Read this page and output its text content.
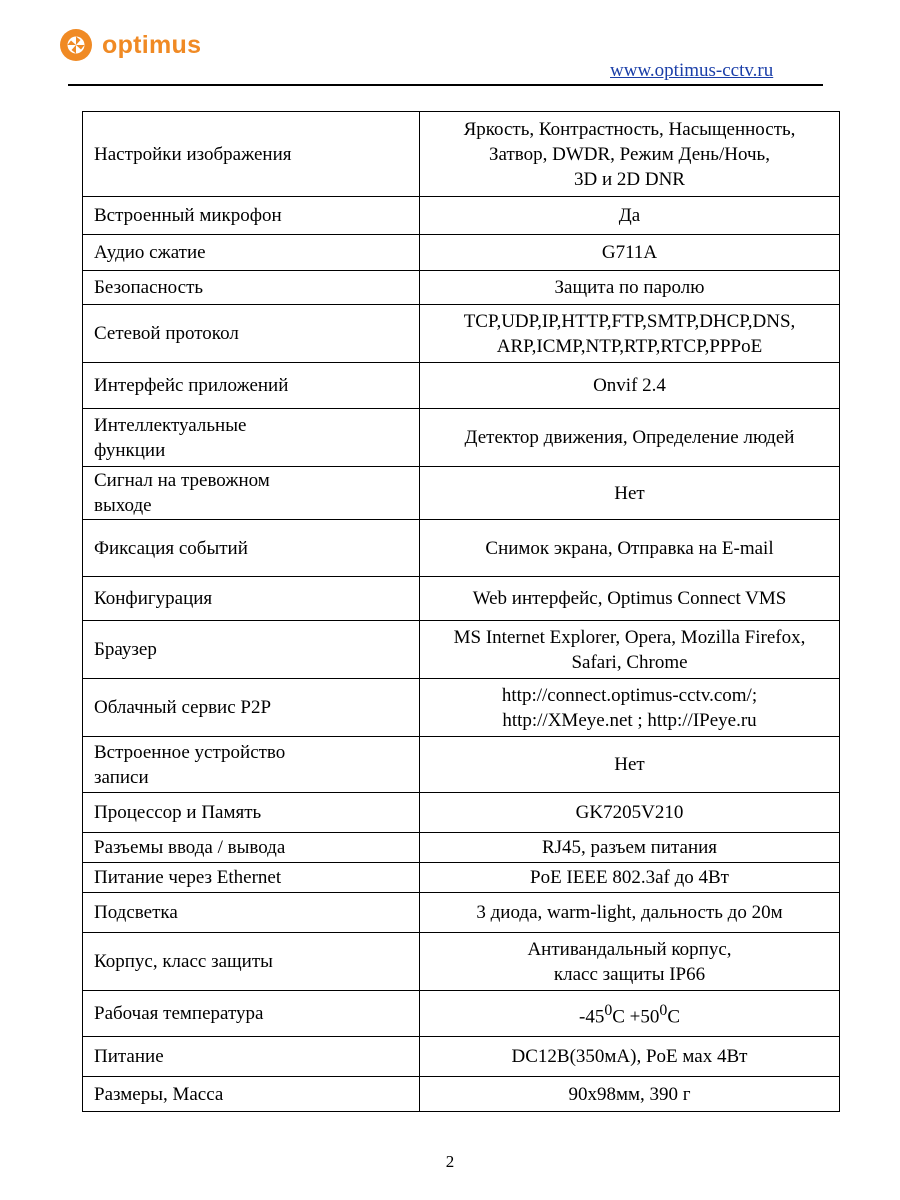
optimus
www.optimus-cctv.ru
Настройки изображения	Яркость, Контрастность, Насыщенность,
Затвор, DWDR, Режим День/Ночь,
3D и 2D DNR

Встроенный микрофон	Да

Аудио сжатие	G711A

Безопасность	Защита по паролю

Сетевой протокол	TCP,UDP,IP,HTTP,FTP,SMTP,DHCP,DNS,
ARP,ICMP,NTP,RTP,RTCP,PPPoE

Интерфейс приложений	Onvif 2.4

Интеллектуальные
функции	Детектор движения, Определение людей

Сигнал на тревожном
выходе	Нет

Фиксация событий	Снимок экрана, Отправка на E-mail

Конфигурация	Web интерфейс, Optimus Connect VMS

Браузер	MS Internet Explorer, Opera, Mozilla Firefox,
Safari, Chrome

Облачный сервис P2P	http://connect.optimus-cctv.com/;
http://XMeye.net ; http://IPeye.ru

Встроенное устройство
записи	Нет

Процессор и Память	GK7205V210

Разъемы ввода / вывода	RJ45, разъем питания

Питание через Ethernet	PoE IEEE 802.3af до 4Вт

Подсветка	3 диода, warm-light, дальность до 20м

Корпус, класс защиты	Антивандальный корпус,
класс защиты IP66

Рабочая температура	$-45^0C +50^0C$

Питание	DC12В(350мА), PoE мах 4Вт

Размеры, Масса	90x98мм, 390 г
2
